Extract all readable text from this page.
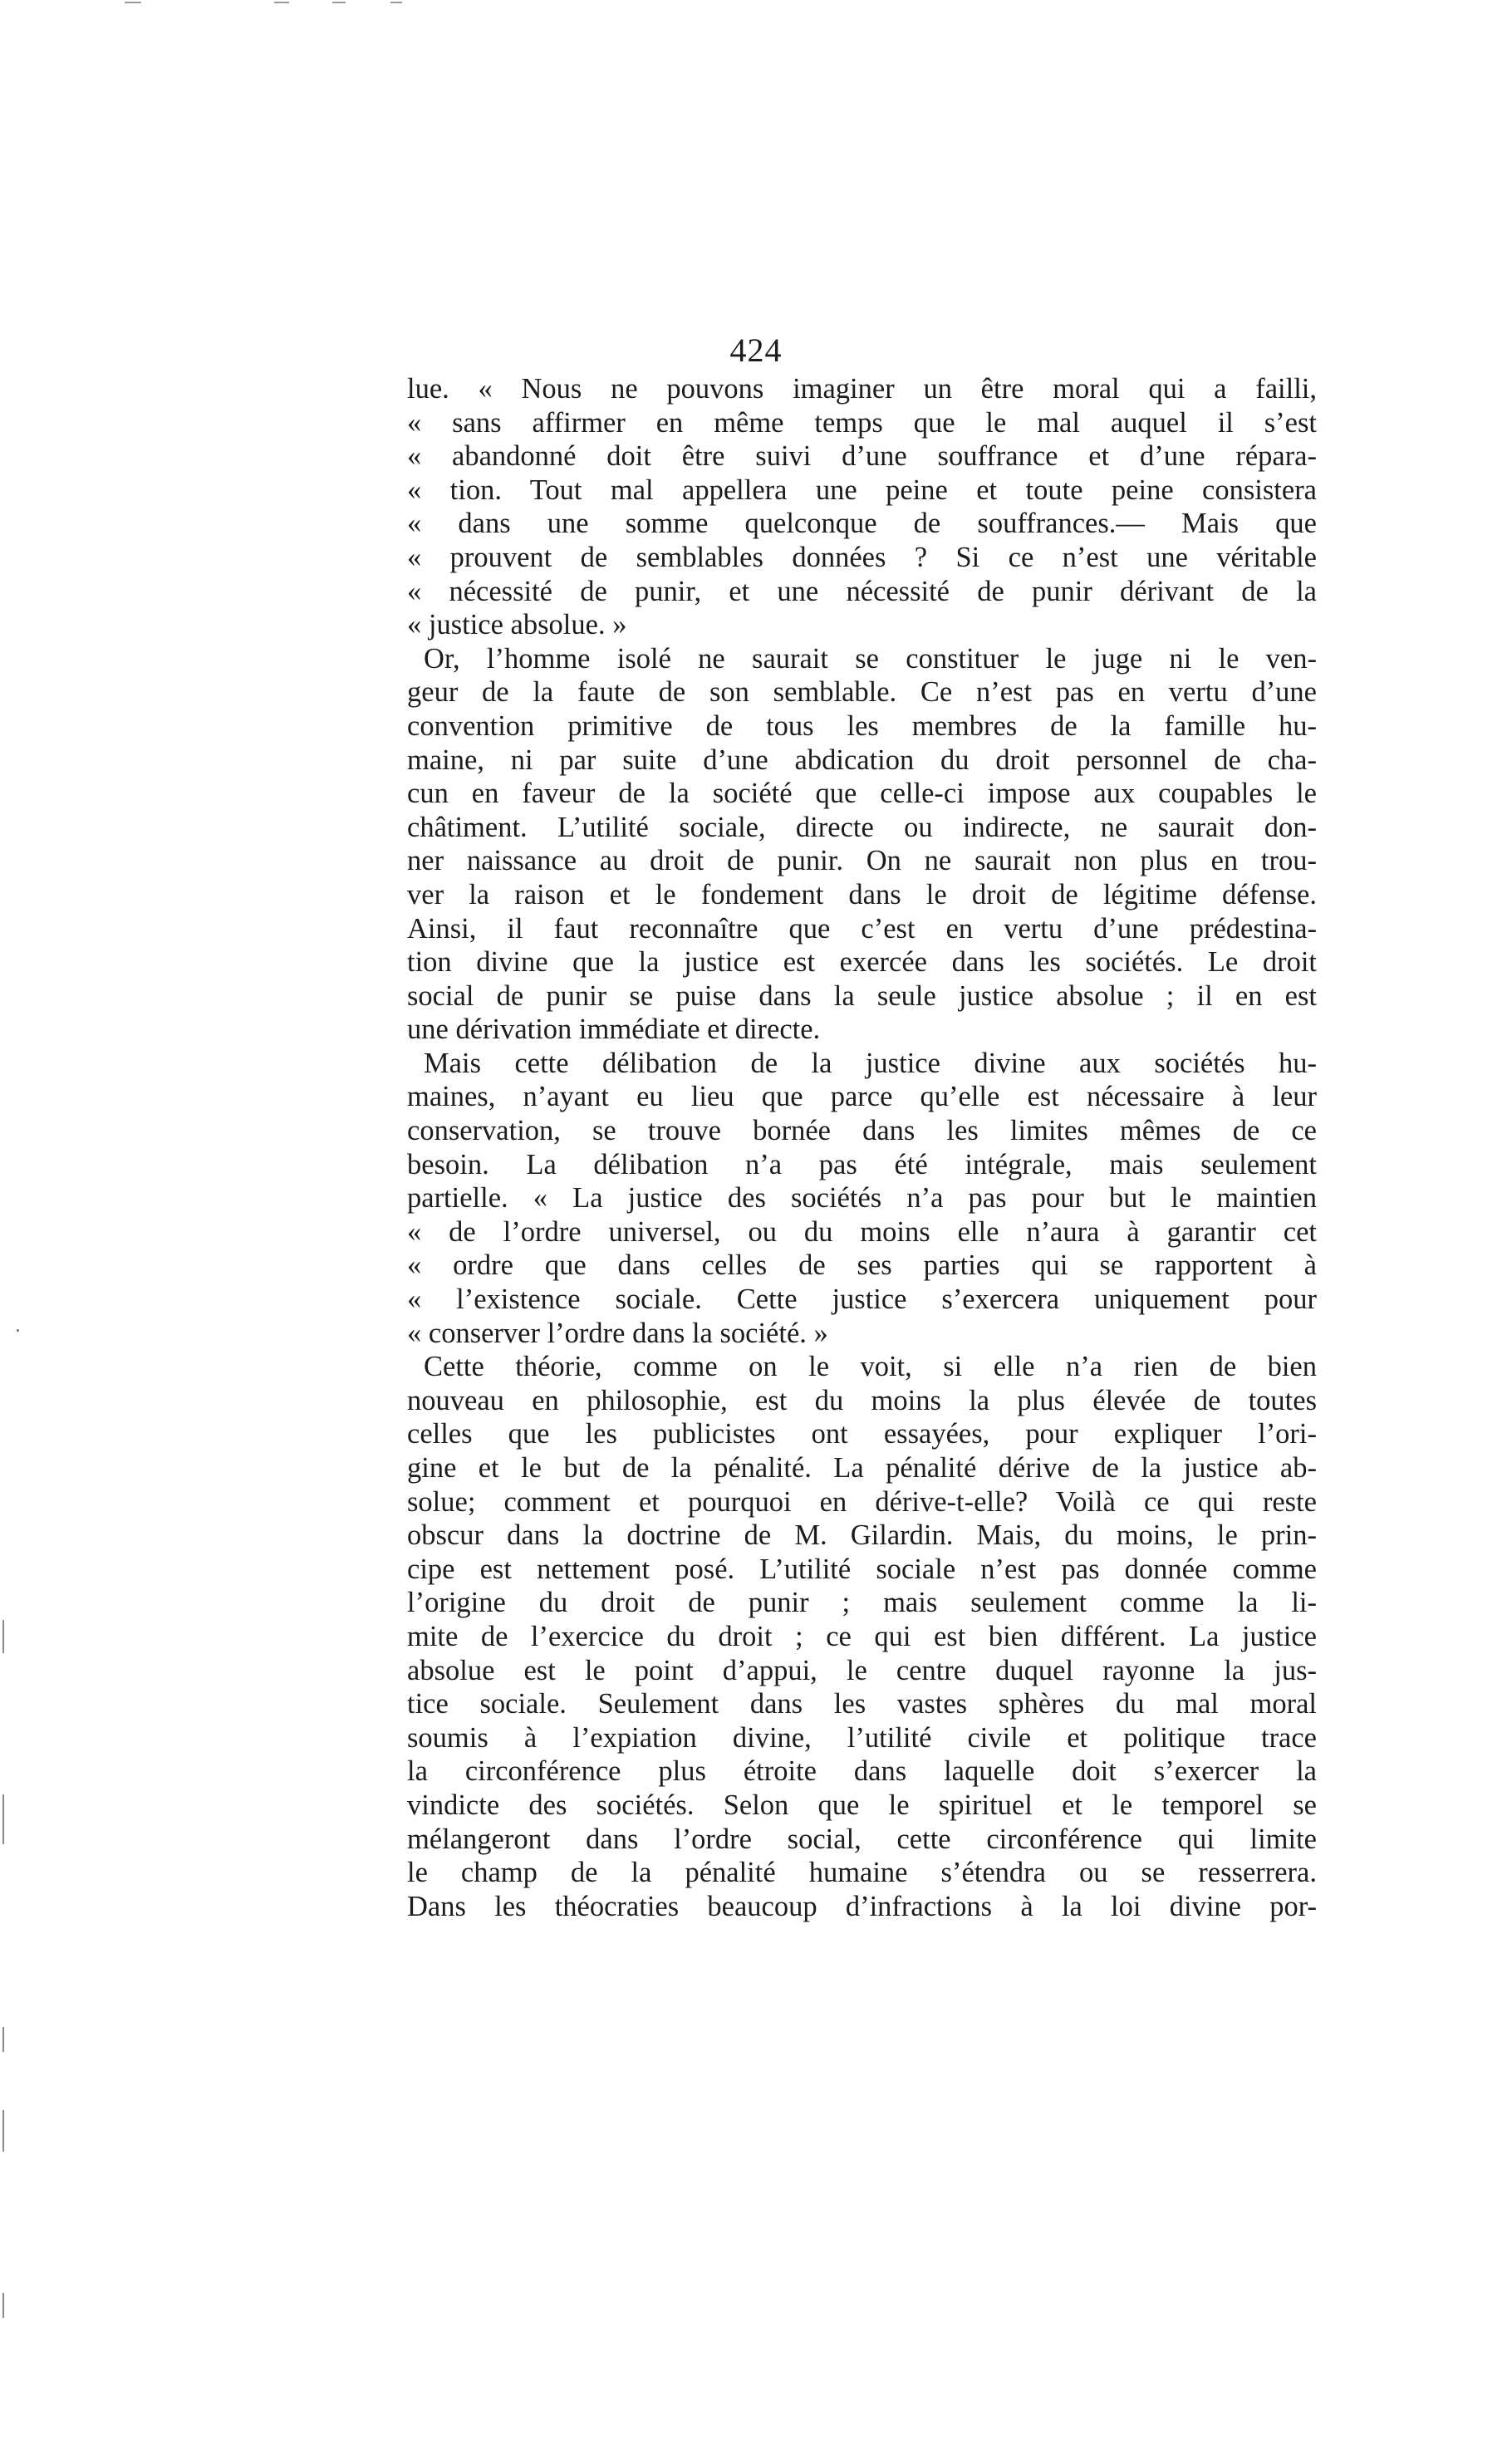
424
lue. « Nous ne pouvons imaginer un être moral qui a failli,
« sans affirmer en même temps que le mal auquel il s’est
« abandonné doit être suivi d’une souffrance et d’une répara-
« tion. Tout mal appellera une peine et toute peine consistera
« dans une somme quelconque de souffrances.— Mais que
« prouvent de semblables données ? Si ce n’est une véritable
« nécessité de punir, et une nécessité de punir dérivant de la
« justice absolue. »
Or, l’homme isolé ne saurait se constituer le juge ni le ven-
geur de la faute de son semblable. Ce n’est pas en vertu d’une
convention primitive de tous les membres de la famille hu-
maine, ni par suite d’une abdication du droit personnel de cha-
cun en faveur de la société que celle-ci impose aux coupables le
châtiment. L’utilité sociale, directe ou indirecte, ne saurait don-
ner naissance au droit de punir. On ne saurait non plus en trou-
ver la raison et le fondement dans le droit de légitime défense.
Ainsi, il faut reconnaître que c’est en vertu d’une prédestina-
tion divine que la justice est exercée dans les sociétés. Le droit
social de punir se puise dans la seule justice absolue ; il en est
une dérivation immédiate et directe.
Mais cette délibation de la justice divine aux sociétés hu-
maines, n’ayant eu lieu que parce qu’elle est nécessaire à leur
conservation, se trouve bornée dans les limites mêmes de ce
besoin. La délibation n’a pas été intégrale, mais seulement
partielle. « La justice des sociétés n’a pas pour but le maintien
« de l’ordre universel, ou du moins elle n’aura à garantir cet
« ordre que dans celles de ses parties qui se rapportent à
« l’existence sociale. Cette justice s’exercera uniquement pour
« conserver l’ordre dans la société. »
Cette théorie, comme on le voit, si elle n’a rien de bien
nouveau en philosophie, est du moins la plus élevée de toutes
celles que les publicistes ont essayées, pour expliquer l’ori-
gine et le but de la pénalité. La pénalité dérive de la justice ab-
solue; comment et pourquoi en dérive-t-elle? Voilà ce qui reste
obscur dans la doctrine de M. Gilardin. Mais, du moins, le prin-
cipe est nettement posé. L’utilité sociale n’est pas donnée comme
l’origine du droit de punir ; mais seulement comme la li-
mite de l’exercice du droit ; ce qui est bien différent. La justice
absolue est le point d’appui, le centre duquel rayonne la jus-
tice sociale. Seulement dans les vastes sphères du mal moral
soumis à l’expiation divine, l’utilité civile et politique trace
la circonférence plus étroite dans laquelle doit s’exercer la
vindicte des sociétés. Selon que le spirituel et le temporel se
mélangeront dans l’ordre social, cette circonférence qui limite
le champ de la pénalité humaine s’étendra ou se resserrera.
Dans les théocraties beaucoup d’infractions à la loi divine por-
